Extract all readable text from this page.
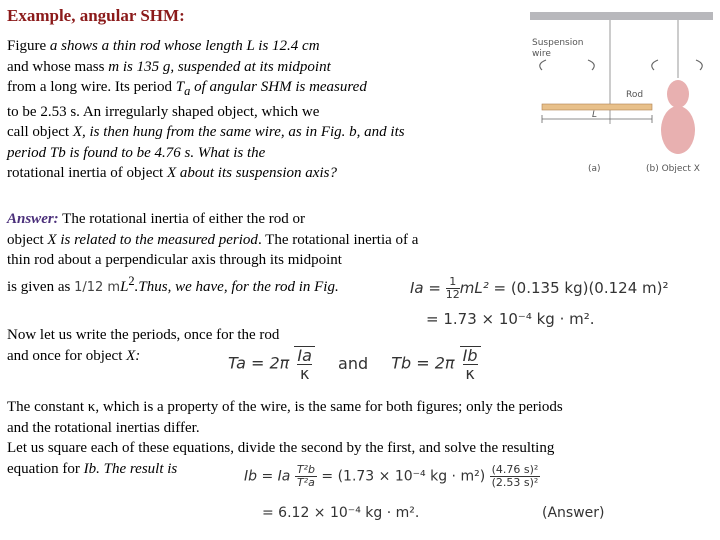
Example, angular SHM:
Figure a shows a thin rod whose length L is 12.4 cm
and whose mass m is 135 g, suspended at its midpoint
from a long wire. Its period $T_a$ of angular SHM is measured
to be 2.53 s. An irregularly shaped object, which we
call object X, is then hung from the same wire, as in Fig. b, and its
period Tb is found to be 4.76 s. What is the
rotational inertia of object X about its suspension axis?
Suspension wire
Rod
L
(a)	(b) Object X
Answer: The rotational inertia of either the rod or
object X is related to the measured period. The rotational inertia of a
thin rod about a perpendicular axis through its midpoint
is given as 1/12 $mL^2.Thus$, we have, for the rod in Fig.	$Ia = \frac{1}{12}mL^2 = (0.135$ kg)(0.124 m)²
= 1.73 × 10⁻⁴ kg · m².
Now let us write the periods, once for the rod
and once for object X:	$Ta = 2\pi \frac{Ia}{\kappa}$ and $Tb = 2\pi \frac{Ib}{\kappa}$
The constant κ, which is a property of the wire, is the same for both figures; only the periods
and the rotational inertias differ.
Let us square each of these equations, divide the second by the first, and solve the resulting
equation for Ib. The result is	Ib = Ia $\frac{\text{T²b}}{\text{T²a}} = (1.73 \times 10^{-4}$ kg · $m^2) \frac{\text{(4.76 s)²}}{\text{(2.53 s)²}}$
= 6.12 × 10⁻⁴ kg · m².	(Answer)
